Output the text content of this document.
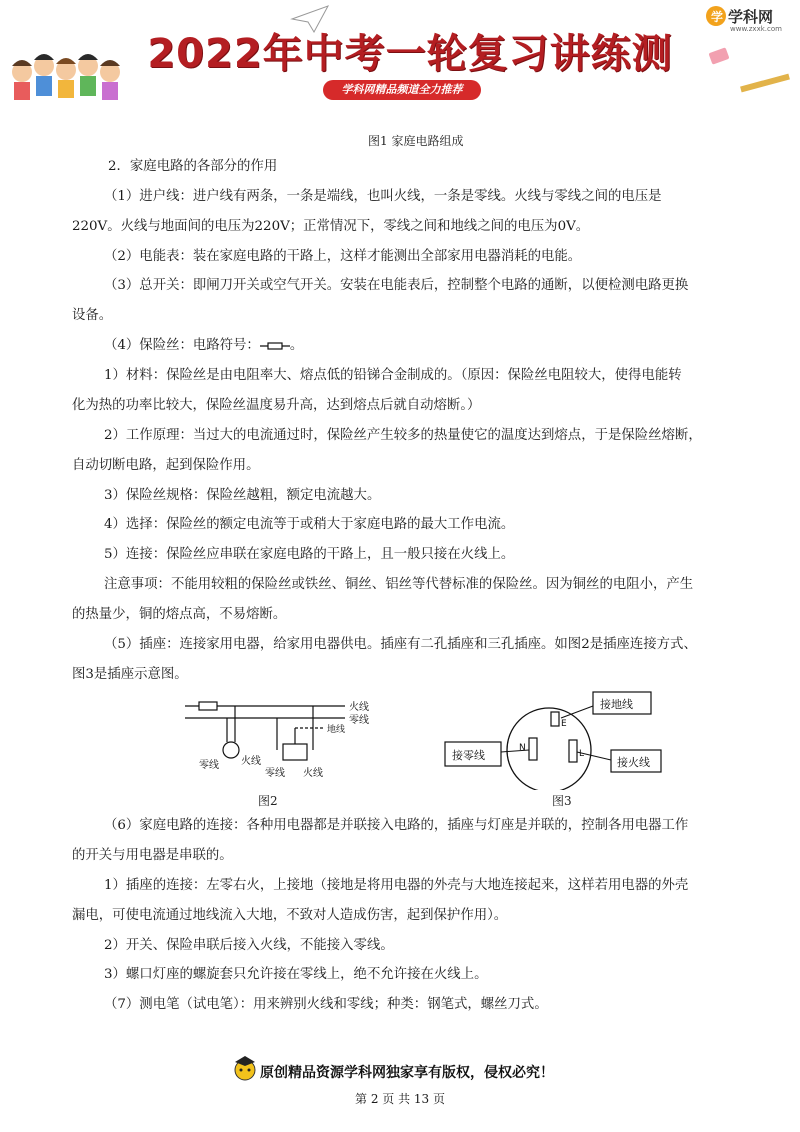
学 学科网
www.zxxk.com
2022年中考一轮复习讲练测
学科网精品频道全力推荐
图1 家庭电路组成
2．家庭电路的各部分的作用
（1）进户线：进户线有两条，一条是端线，也叫火线，一条是零线。火线与零线之间的电压是
220V。火线与地面间的电压为220V；正常情况下，零线之间和地线之间的电压为0V。
（2）电能表：装在家庭电路的干路上，这样才能测出全部家用电器消耗的电能。
（3）总开关：即闸刀开关或空气开关。安装在电能表后，控制整个电路的通断，以便检测电路更换
设备。
（4）保险丝：电路符号： 。
1）材料：保险丝是由电阻率大、熔点低的铅锑合金制成的。（原因：保险丝电阻较大，使得电能转
化为热的功率比较大，保险丝温度易升高，达到熔点后就自动熔断。）
2）工作原理：当过大的电流通过时，保险丝产生较多的热量使它的温度达到熔点，于是保险丝熔断，
自动切断电路，起到保险作用。
3）保险丝规格：保险丝越粗，额定电流越大。
4）选择：保险丝的额定电流等于或稍大于家庭电路的最大工作电流。
5）连接：保险丝应串联在家庭电路的干路上，且一般只接在火线上。
注意事项：不能用较粗的保险丝或铁丝、铜丝、铝丝等代替标准的保险丝。因为铜丝的电阻小，产生
的热量少，铜的熔点高，不易熔断。
（5）插座：连接家用电器，给家用电器供电。插座有二孔插座和三孔插座。如图2是插座连接方式、
图3是插座示意图。
火线
零线
地线
零线 火线
零线 火线
图2
E
N
L
接地线
接零线
接火线
图3
（6）家庭电路的连接：各种用电器都是并联接入电路的，插座与灯座是并联的，控制各用电器工作
的开关与用电器是串联的。
1）插座的连接：左零右火，上接地（接地是将用电器的外壳与大地连接起来，这样若用电器的外壳
漏电，可使电流通过地线流入大地，不致对人造成伤害，起到保护作用）。
2）开关、保险串联后接入火线，不能接入零线。
3）螺口灯座的螺旋套只允许接在零线上，绝不允许接在火线上。
（7）测电笔（试电笔）：用来辨别火线和零线；种类：钢笔式，螺丝刀式。
原创精品资源学科网独家享有版权，侵权必究！
第 2 页 共 13 页
